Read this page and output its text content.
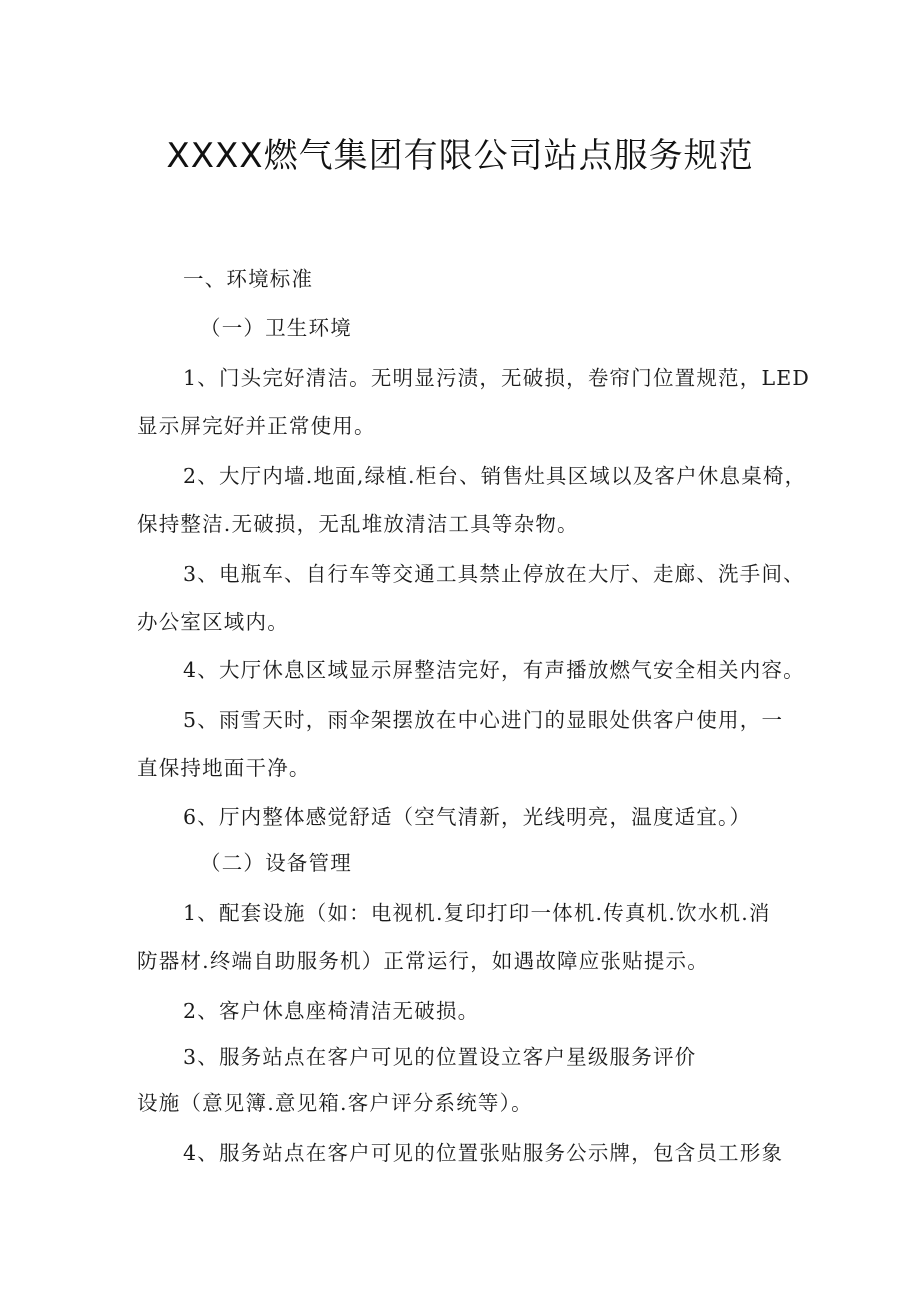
XXXX燃气集团有限公司站点服务规范
一、环境标准
（一）卫生环境
1、门头完好清洁。无明显污渍，无破损，卷帘门位置规范，LED
显示屏完好并正常使用。
2、大厅内墙.地面,绿植.柜台、销售灶具区域以及客户休息桌椅，
保持整洁.无破损，无乱堆放清洁工具等杂物。
3、电瓶车、自行车等交通工具禁止停放在大厅、走廊、洗手间、
办公室区域内。
4、大厅休息区域显示屏整洁完好，有声播放燃气安全相关内容。
5、雨雪天时，雨伞架摆放在中心进门的显眼处供客户使用，一
直保持地面干净。
6、厅内整体感觉舒适（空气清新，光线明亮，温度适宜。）
（二）设备管理
1、配套设施（如：电视机.复印打印一体机.传真机.饮水机.消
防器材.终端自助服务机）正常运行，如遇故障应张贴提示。
2、客户休息座椅清洁无破损。
3、服务站点在客户可见的位置设立客户星级服务评价
设施（意见簿.意见箱.客户评分系统等）。
4、服务站点在客户可见的位置张贴服务公示牌，包含员工形象
